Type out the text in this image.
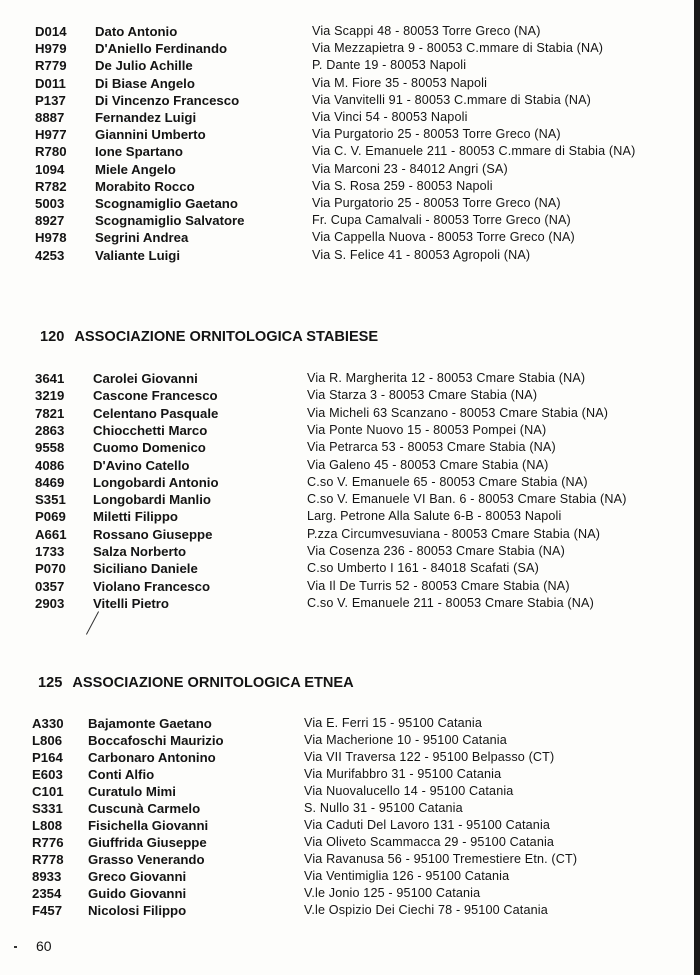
D014 Dato Antonio	Via Scappi 48 - 80053 Torre Greco (NA)
H979 D'Aniello Ferdinando	Via Mezzapietra 9 - 80053 C.mmare di Stabia (NA)
R779 De Julio Achille	P. Dante 19 - 80053 Napoli
D011 Di Biase Angelo	Via M. Fiore 35 - 80053 Napoli
P137 Di Vincenzo Francesco	Via Vanvitelli 91 - 80053 C.mmare di Stabia (NA)
8887 Fernandez Luigi	Via Vinci 54 - 80053 Napoli
H977 Giannini Umberto	Via Purgatorio 25 - 80053 Torre Greco (NA)
R780 Ione Spartano	Via C. V. Emanuele 211 - 80053 C.mmare di Stabia (NA)
1094 Miele Angelo	Via Marconi 23 - 84012 Angri (SA)
R782 Morabito Rocco	Via S. Rosa 259 - 80053 Napoli
5003 Scognamiglio Gaetano	Via Purgatorio 25 - 80053 Torre Greco (NA)
8927 Scognamiglio Salvatore	Fr. Cupa Camalvali - 80053 Torre Greco (NA)
H978 Segrini Andrea	Via Cappella Nuova - 80053 Torre Greco (NA)
4253 Valiante Luigi	Via S. Felice 41 - 80053 Agropoli (NA)
120 ASSOCIAZIONE ORNITOLOGICA STABIESE
3641 Carolei Giovanni	Via R. Margherita 12 - 80053 Cmare Stabia (NA)
3219 Cascone Francesco	Via Starza 3 - 80053 Cmare Stabia (NA)
7821 Celentano Pasquale	Via Micheli 63 Scanzano - 80053 Cmare Stabia (NA)
2863 Chiocchetti Marco	Via Ponte Nuovo 15 - 80053 Pompei (NA)
9558 Cuomo Domenico	Via Petrarca 53 - 80053 Cmare Stabia (NA)
4086 D'Avino Catello	Via Galeno 45 - 80053 Cmare Stabia (NA)
8469 Longobardi Antonio	C.so V. Emanuele 65 - 80053 Cmare Stabia (NA)
S351 Longobardi Manlio	C.so V. Emanuele VI Ban. 6 - 80053 Cmare Stabia (NA)
P069 Miletti Filippo	Larg. Petrone Alla Salute 6-B - 80053 Napoli
A661 Rossano Giuseppe	P.zza Circumvesuviana - 80053 Cmare Stabia (NA)
1733 Salza Norberto	Via Cosenza 236 - 80053 Cmare Stabia (NA)
P070 Siciliano Daniele	C.so Umberto I 161 - 84018 Scafati (SA)
0357 Violano Francesco	Via Il De Turris 52 - 80053 Cmare Stabia (NA)
2903 Vitelli Pietro	C.so V. Emanuele 211 - 80053 Cmare Stabia (NA)
125 ASSOCIAZIONE ORNITOLOGICA ETNEA
A330 Bajamonte Gaetano	Via E. Ferri 15 - 95100 Catania
L806 Boccafoschi Maurizio	Via Macherione 10 - 95100 Catania
P164 Carbonaro Antonino	Via VII Traversa 122 - 95100 Belpasso (CT)
E603 Conti Alfio	Via Murifabbro 31 - 95100 Catania
C101 Curatulo Mimi	Via Nuovalucello 14 - 95100 Catania
S331 Cuscunà Carmelo	S. Nullo 31 - 95100 Catania
L808 Fisichella Giovanni	Via Caduti Del Lavoro 131 - 95100 Catania
R776 Giuffrida Giuseppe	Via Oliveto Scammacca 29 - 95100 Catania
R778 Grasso Venerando	Via Ravanusa 56 - 95100 Tremestiere Etn. (CT)
8933 Greco Giovanni	Via Ventimiglia 126 - 95100 Catania
2354 Guido Giovanni	V.le Jonio 125 - 95100 Catania
F457 Nicolosi Filippo	V.le Ospizio Dei Ciechi 78 - 95100 Catania
60
